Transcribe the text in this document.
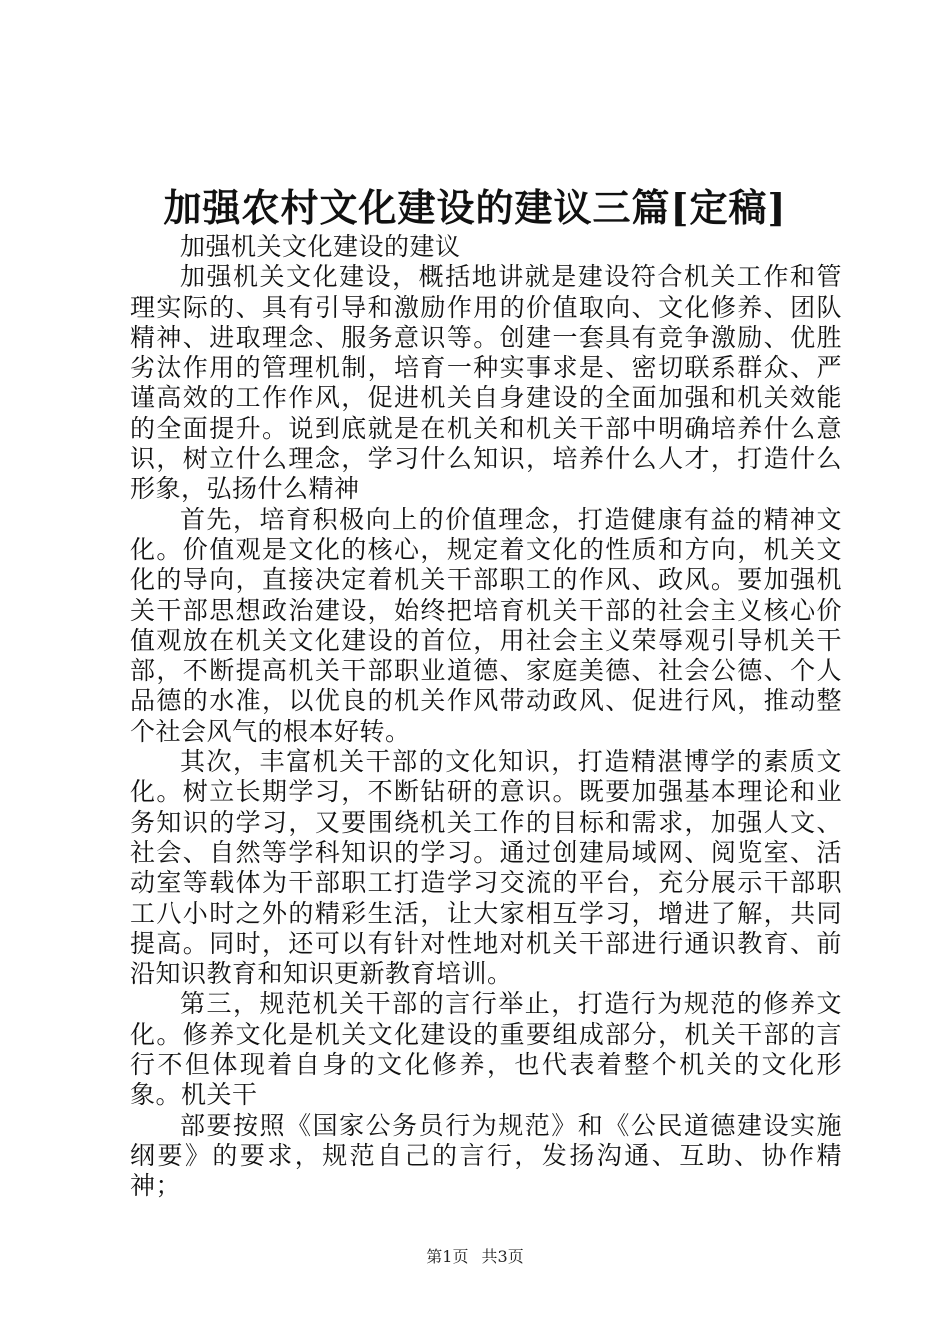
加强农村文化建设的建议三篇[定稿]

加强机关文化建设的建议

加强机关文化建设，概括地讲就是建设符合机关工作和管理实际的、具有引导和激励作用的价值取向、文化修养、团队精神、进取理念、服务意识等。创建一套具有竞争激励、优胜劣汰作用的管理机制，培育一种实事求是、密切联系群众、严谨高效的工作作风，促进机关自身建设的全面加强和机关效能的全面提升。说到底就是在机关和机关干部中明确培养什么意识，树立什么理念，学习什么知识，培养什么人才，打造什么形象，弘扬什么精神

首先，培育积极向上的价值理念，打造健康有益的精神文化。价值观是文化的核心，规定着文化的性质和方向，机关文化的导向，直接决定着机关干部职工的作风、政风。要加强机关干部思想政治建设，始终把培育机关干部的社会主义核心价值观放在机关文化建设的首位，用社会主义荣辱观引导机关干部，不断提高机关干部职业道德、家庭美德、社会公德、个人品德的水准，以优良的机关作风带动政风、促进行风，推动整个社会风气的根本好转。

其次，丰富机关干部的文化知识，打造精湛博学的素质文化。树立长期学习，不断钻研的意识。既要加强基本理论和业务知识的学习，又要围绕机关工作的目标和需求，加强人文、社会、自然等学科知识的学习。通过创建局域网、阅览室、活动室等载体为干部职工打造学习交流的平台，充分展示干部职工八小时之外的精彩生活，让大家相互学习，增进了解，共同提高。同时，还可以有针对性地对机关干部进行通识教育、前沿知识教育和知识更新教育培训。

第三，规范机关干部的言行举止，打造行为规范的修养文化。修养文化是机关文化建设的重要组成部分，机关干部的言行不但体现着自身的文化修养，也代表着整个机关的文化形象。机关干

部要按照《国家公务员行为规范》和《公民道德建设实施纲要》的要求，规范自己的言行，发扬沟通、互助、协作精神；

第1页 共3页
